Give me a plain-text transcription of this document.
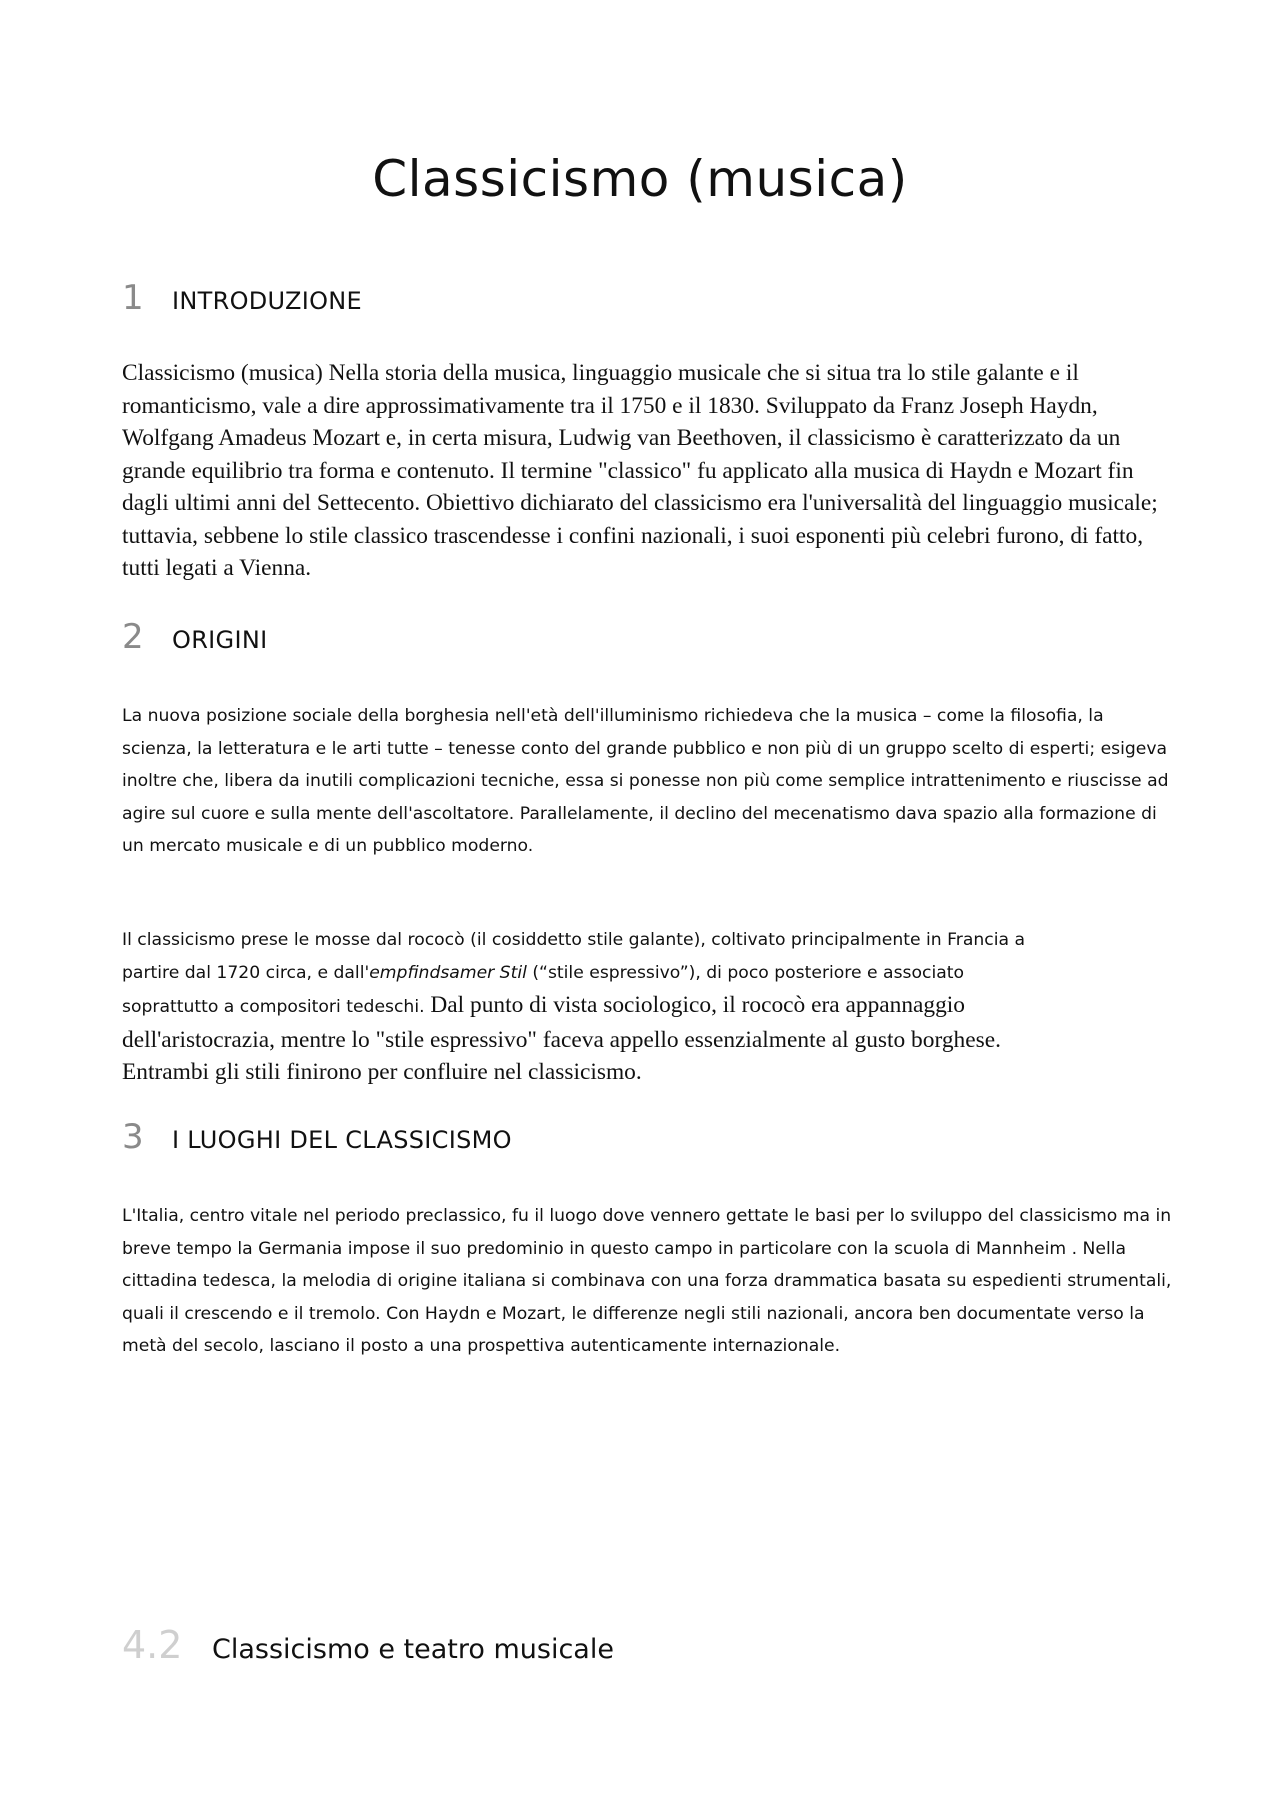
Classicismo (musica)
1	INTRODUZIONE

Classicismo (musica) Nella storia della musica, linguaggio musicale che si situa tra lo stile galante e il romanticismo, vale a dire approssimativamente tra il 1750 e il 1830. Sviluppato da Franz Joseph Haydn, Wolfgang Amadeus Mozart e, in certa misura, Ludwig van Beethoven, il classicismo è caratterizzato da un grande equilibrio tra forma e contenuto. Il termine "classico" fu applicato alla musica di Haydn e Mozart fin dagli ultimi anni del Settecento. Obiettivo dichiarato del classicismo era l'universalità del linguaggio musicale; tuttavia, sebbene lo stile classico trascendesse i confini nazionali, i suoi esponenti più celebri furono, di fatto, tutti legati a Vienna.

2	ORIGINI

La nuova posizione sociale della borghesia nell'età dell'illuminismo richiedeva che la musica – come la filosofia, la scienza, la letteratura e le arti tutte – tenesse conto del grande pubblico e non più di un gruppo scelto di esperti; esigeva inoltre che, libera da inutili complicazioni tecniche, essa si ponesse non più come semplice intrattenimento e riuscisse ad agire sul cuore e sulla mente dell'ascoltatore. Parallelamente, il declino del mecenatismo dava spazio alla formazione di un mercato musicale e di un pubblico moderno.

Il classicismo prese le mosse dal rococò (il cosiddetto stile galante), coltivato principalmente in Francia a
partire dal 1720 circa, e dall'empfindsamer Stil (“stile espressivo”), di poco posteriore e associato
soprattutto a compositori tedeschi. Dal punto di vista sociologico, il rococò era appannaggio
dell'aristocrazia, mentre lo "stile espressivo" faceva appello essenzialmente al gusto borghese.
Entrambi gli stili finirono per confluire nel classicismo.
3	I LUOGHI DEL CLASSICISMO

L'Italia, centro vitale nel periodo preclassico, fu il luogo dove vennero gettate le basi per lo sviluppo del classicismo ma in breve tempo la Germania impose il suo predominio in questo campo in particolare con la scuola di Mannheim . Nella cittadina tedesca, la melodia di origine italiana si combinava con una forza drammatica basata su espedienti strumentali, quali il crescendo e il tremolo. Con Haydn e Mozart, le differenze negli stili nazionali, ancora ben documentate verso la metà del secolo, lasciano il posto a una prospettiva autenticamente internazionale.

4.2	Classicismo e teatro musicale
